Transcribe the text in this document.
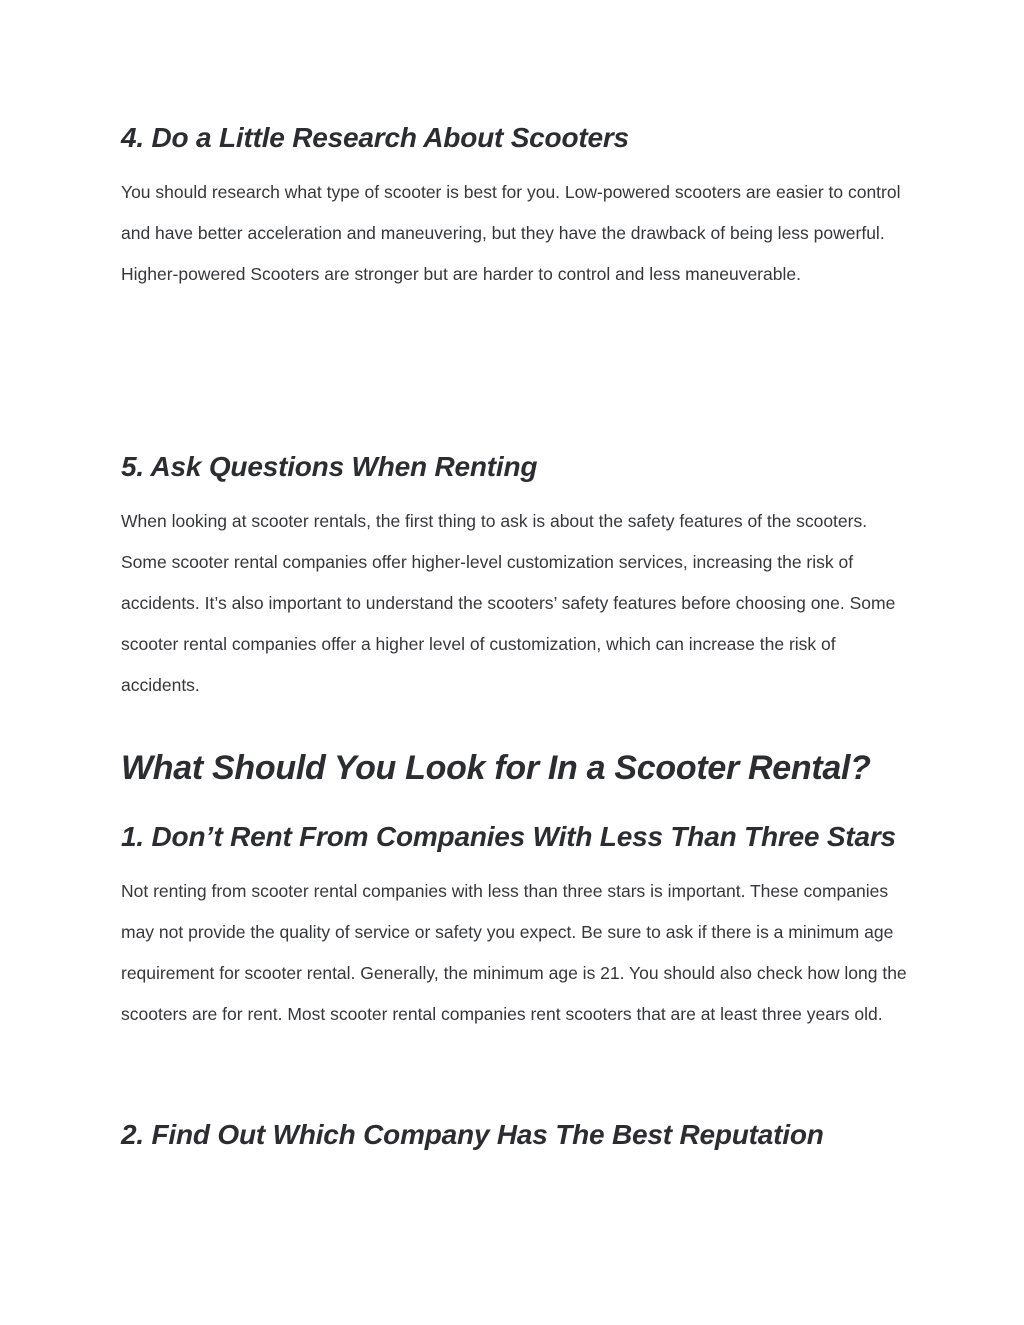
4. Do a Little Research About Scooters

You should research what type of scooter is best for you. Low-powered scooters are easier to control and have better acceleration and maneuvering, but they have the drawback of being less powerful. Higher-powered Scooters are stronger but are harder to control and less maneuverable.

5. Ask Questions When Renting

When looking at scooter rentals, the first thing to ask is about the safety features of the scooters. Some scooter rental companies offer higher-level customization services, increasing the risk of accidents. It’s also important to understand the scooters’ safety features before choosing one. Some scooter rental companies offer a higher level of customization, which can increase the risk of accidents.

What Should You Look for In a Scooter Rental?
1. Don’t Rent From Companies With Less Than Three Stars

Not renting from scooter rental companies with less than three stars is important. These companies may not provide the quality of service or safety you expect. Be sure to ask if there is a minimum age requirement for scooter rental. Generally, the minimum age is 21. You should also check how long the scooters are for rent. Most scooter rental companies rent scooters that are at least three years old.

2. Find Out Which Company Has The Best Reputation
